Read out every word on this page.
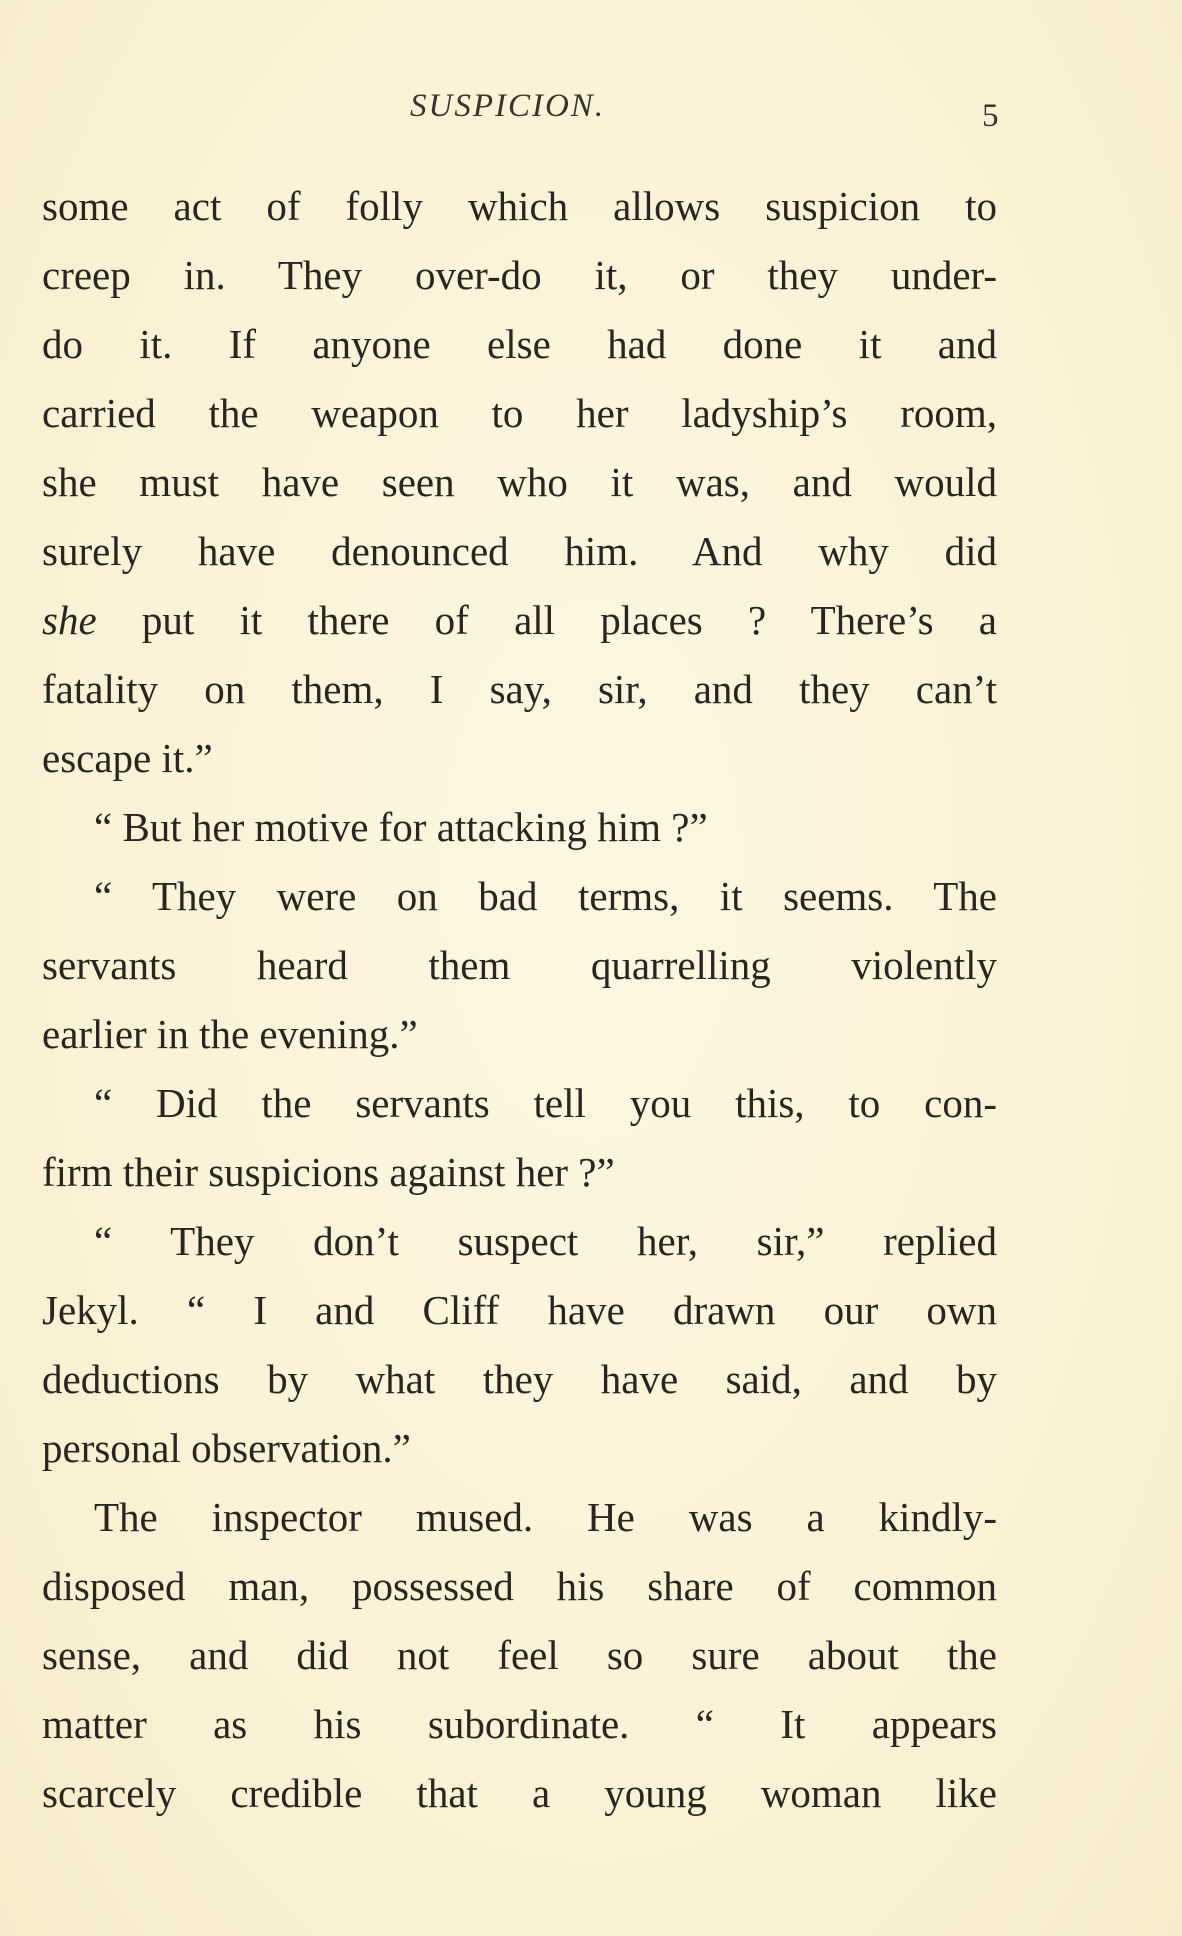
SUSPICION.	5
some act of folly which allows suspicion to
creep in. They over-do it, or they under-
do it. If anyone else had done it and
carried the weapon to her ladyship’s room,
she must have seen who it was, and would
surely have denounced him. And why did
she put it there of all places ? There’s a
fatality on them, I say, sir, and they can’t
escape it.”
“ But her motive for attacking him ?”
“ They were on bad terms, it seems. The
servants heard them quarrelling violently
earlier in the evening.”
“ Did the servants tell you this, to con-
firm their suspicions against her ?”
“ They don’t suspect her, sir,” replied
Jekyl. “ I and Cliff have drawn our own
deductions by what they have said, and by
personal observation.”
The inspector mused. He was a kindly-
disposed man, possessed his share of common
sense, and did not feel so sure about the
matter as his subordinate. “ It appears
scarcely credible that a young woman like
